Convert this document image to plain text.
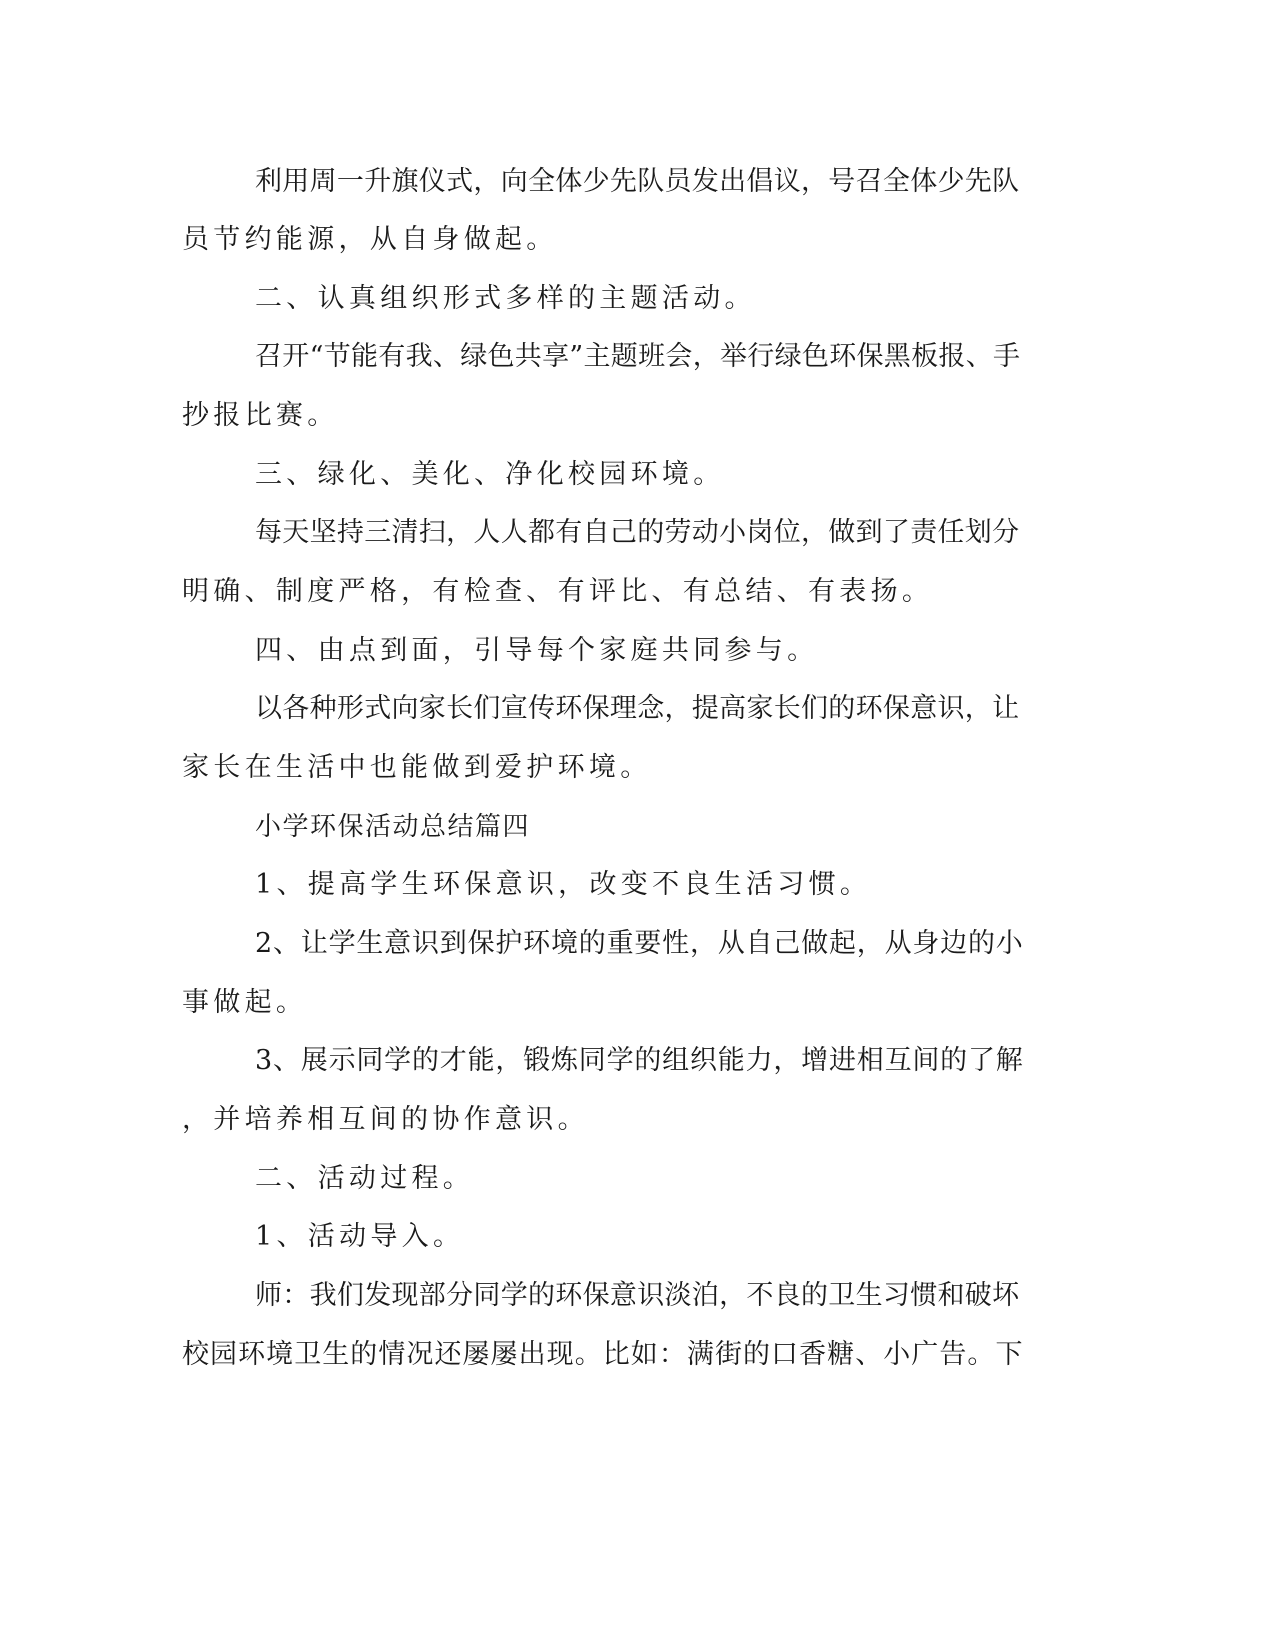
利用周一升旗仪式，向全体少先队员发出倡议，号召全体少先队
员节约能源，从自身做起。
二、认真组织形式多样的主题活动。
召开“节能有我、绿色共享”主题班会，举行绿色环保黑板报、手
抄报比赛。
三、绿化、美化、净化校园环境。
每天坚持三清扫，人人都有自己的劳动小岗位，做到了责任划分
明确、制度严格，有检查、有评比、有总结、有表扬。
四、由点到面，引导每个家庭共同参与。
以各种形式向家长们宣传环保理念，提高家长们的环保意识，让
家长在生活中也能做到爱护环境。
小学环保活动总结篇四
1、提高学生环保意识，改变不良生活习惯。
2、让学生意识到保护环境的重要性，从自己做起，从身边的小
事做起。
3、展示同学的才能，锻炼同学的组织能力，增进相互间的了解
，并培养相互间的协作意识。
二、活动过程。
1、活动导入。
师：我们发现部分同学的环保意识淡泊，不良的卫生习惯和破坏
校园环境卫生的情况还屡屡出现。比如：满街的口香糖、小广告。下
